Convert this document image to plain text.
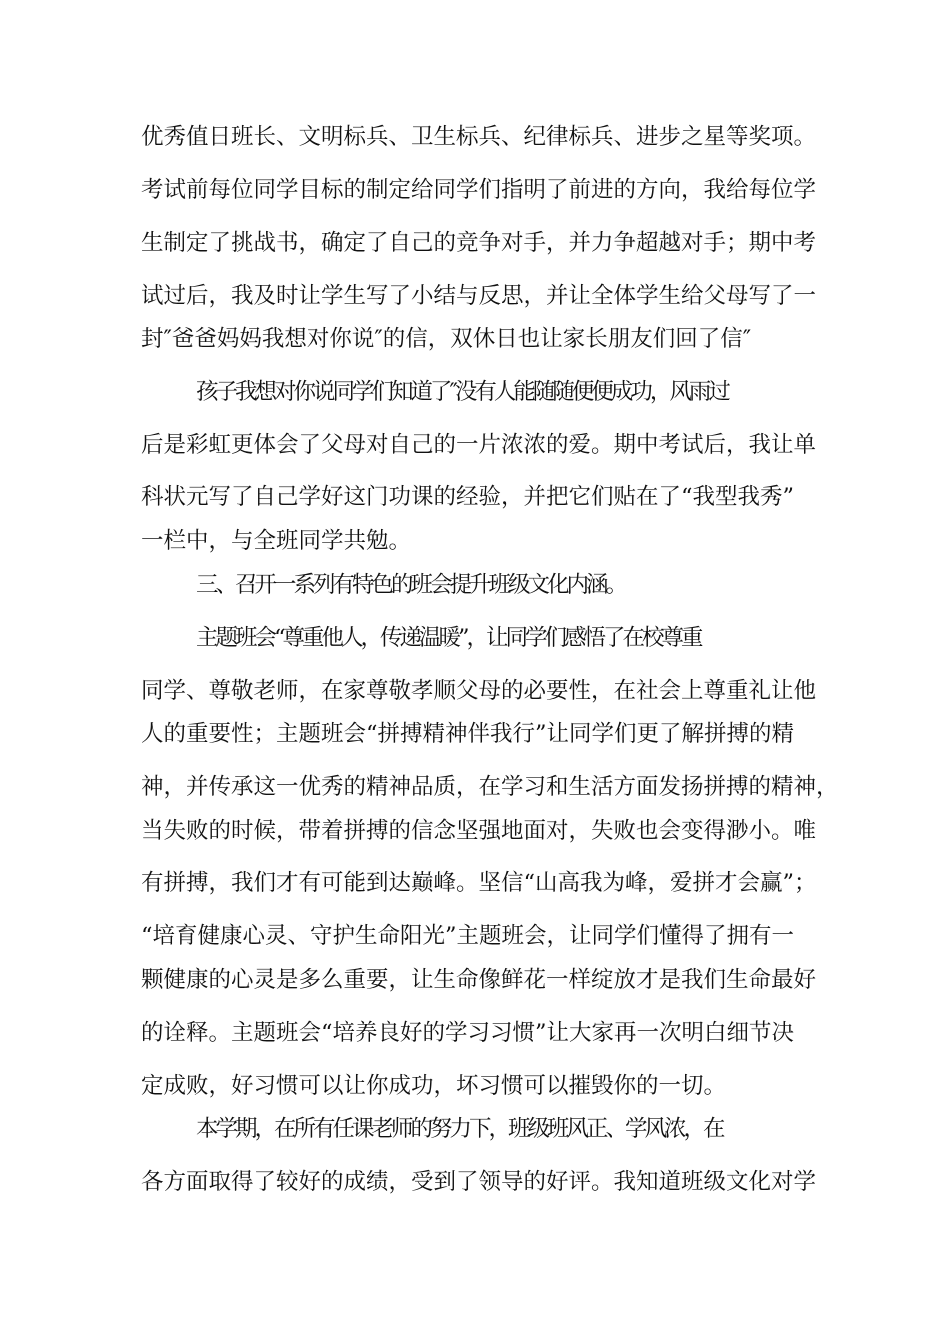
优秀值日班长、文明标兵、卫生标兵、纪律标兵、进步之星等奖项。
考试前每位同学目标的制定给同学们指明了前进的方向，我给每位学
生制定了挑战书，确定了自己的竞争对手，并力争超越对手；期中考
试过后，我及时让学生写了小结与反思，并让全体学生给父母写了一
封″爸爸妈妈我想对你说″的信，双休日也让家长朋友们回了信″
孩子我想对你说同学们知道了″没有人能随随便便成功，风雨过
后是彩虹更体会了父母对自己的一片浓浓的爱。期中考试后，我让单
科状元写了自己学好这门功课的经验，并把它们贴在了“我型我秀”
一栏中，与全班同学共勉。
三、召开一系列有特色的班会提升班级文化内涵。
主题班会“尊重他人，传递温暖”，让同学们感悟了在校尊重
同学、尊敬老师，在家尊敬孝顺父母的必要性，在社会上尊重礼让他
人的重要性；主题班会“拼搏精神伴我行”让同学们更了解拼搏的精
神，并传承这一优秀的精神品质，在学习和生活方面发扬拼搏的精神，
当失败的时候，带着拼搏的信念坚强地面对，失败也会变得渺小。唯
有拼搏，我们才有可能到达巅峰。坚信“山高我为峰，爱拼才会赢”；
“培育健康心灵、守护生命阳光”主题班会，让同学们懂得了拥有一
颗健康的心灵是多么重要，让生命像鲜花一样绽放才是我们生命最好
的诠释。主题班会“培养良好的学习习惯”让大家再一次明白细节决
定成败，好习惯可以让你成功，坏习惯可以摧毁你的一切。
本学期，在所有任课老师的努力下，班级班风正、学风浓，在
各方面取得了较好的成绩，受到了领导的好评。我知道班级文化对学
